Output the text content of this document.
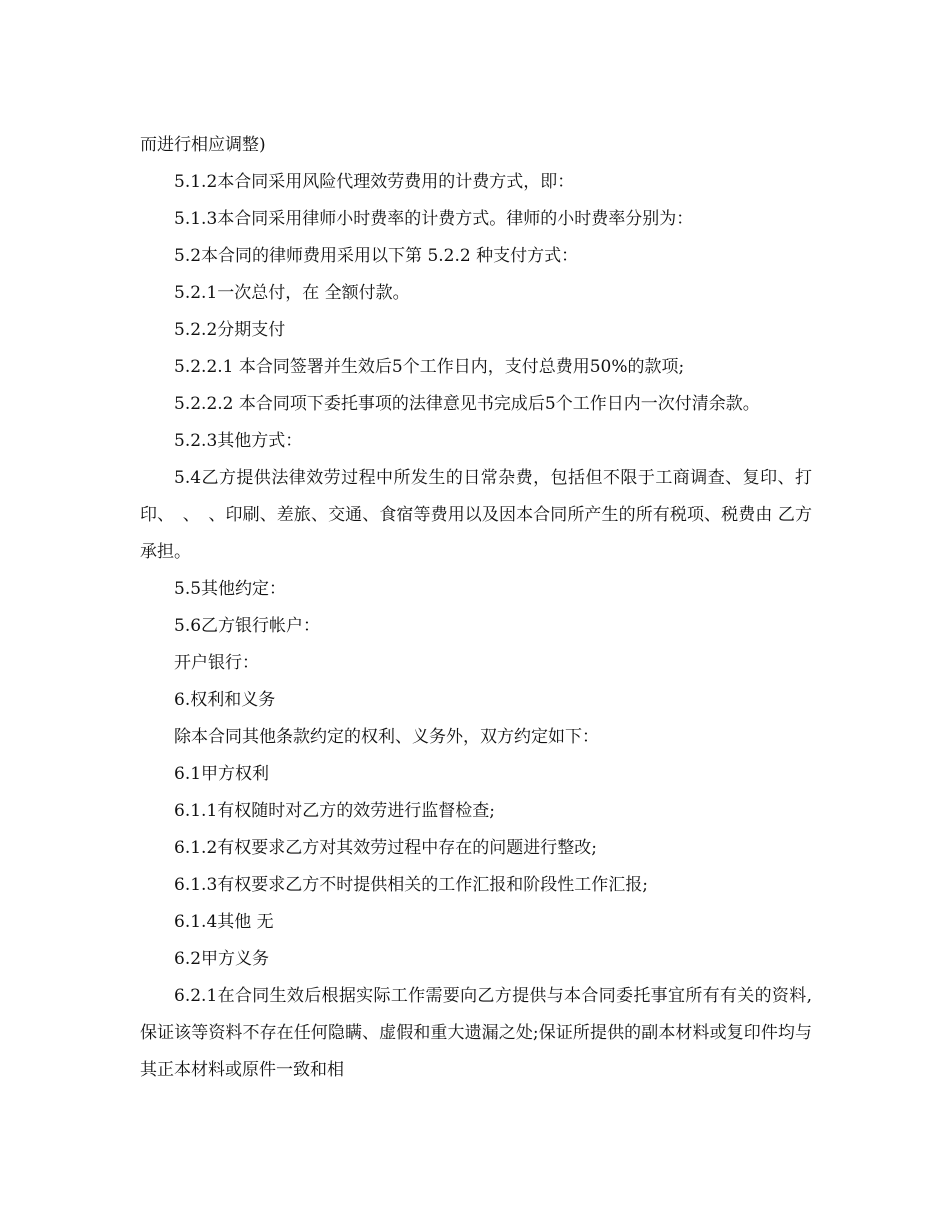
而进行相应调整)

5.1.2本合同采用风险代理效劳费用的计费方式，即：

5.1.3本合同采用律师小时费率的计费方式。律师的小时费率分别为：

5.2本合同的律师费用采用以下第 5.2.2 种支付方式：

5.2.1一次总付，在 全额付款。

5.2.2分期支付

5.2.2.1 本合同签署并生效后5个工作日内，支付总费用50%的款项;

5.2.2.2 本合同项下委托事项的法律意见书完成后5个工作日内一次付清余款。

5.2.3其他方式：

5.4乙方提供法律效劳过程中所发生的日常杂费，包括但不限于工商调查、复印、打印、　、　、印刷、差旅、交通、食宿等费用以及因本合同所产生的所有税项、税费由 乙方承担。

5.5其他约定：

5.6乙方银行帐户：

开户银行：

6.权利和义务

除本合同其他条款约定的权利、义务外，双方约定如下：

6.1甲方权利

6.1.1有权随时对乙方的效劳进行监督检查;

6.1.2有权要求乙方对其效劳过程中存在的问题进行整改;

6.1.3有权要求乙方不时提供相关的工作汇报和阶段性工作汇报;

6.1.4其他 无

6.2甲方义务

6.2.1在合同生效后根据实际工作需要向乙方提供与本合同委托事宜所有有关的资料,保证该等资料不存在任何隐瞒、虚假和重大遗漏之处;保证所提供的副本材料或复印件均与其正本材料或原件一致和相
